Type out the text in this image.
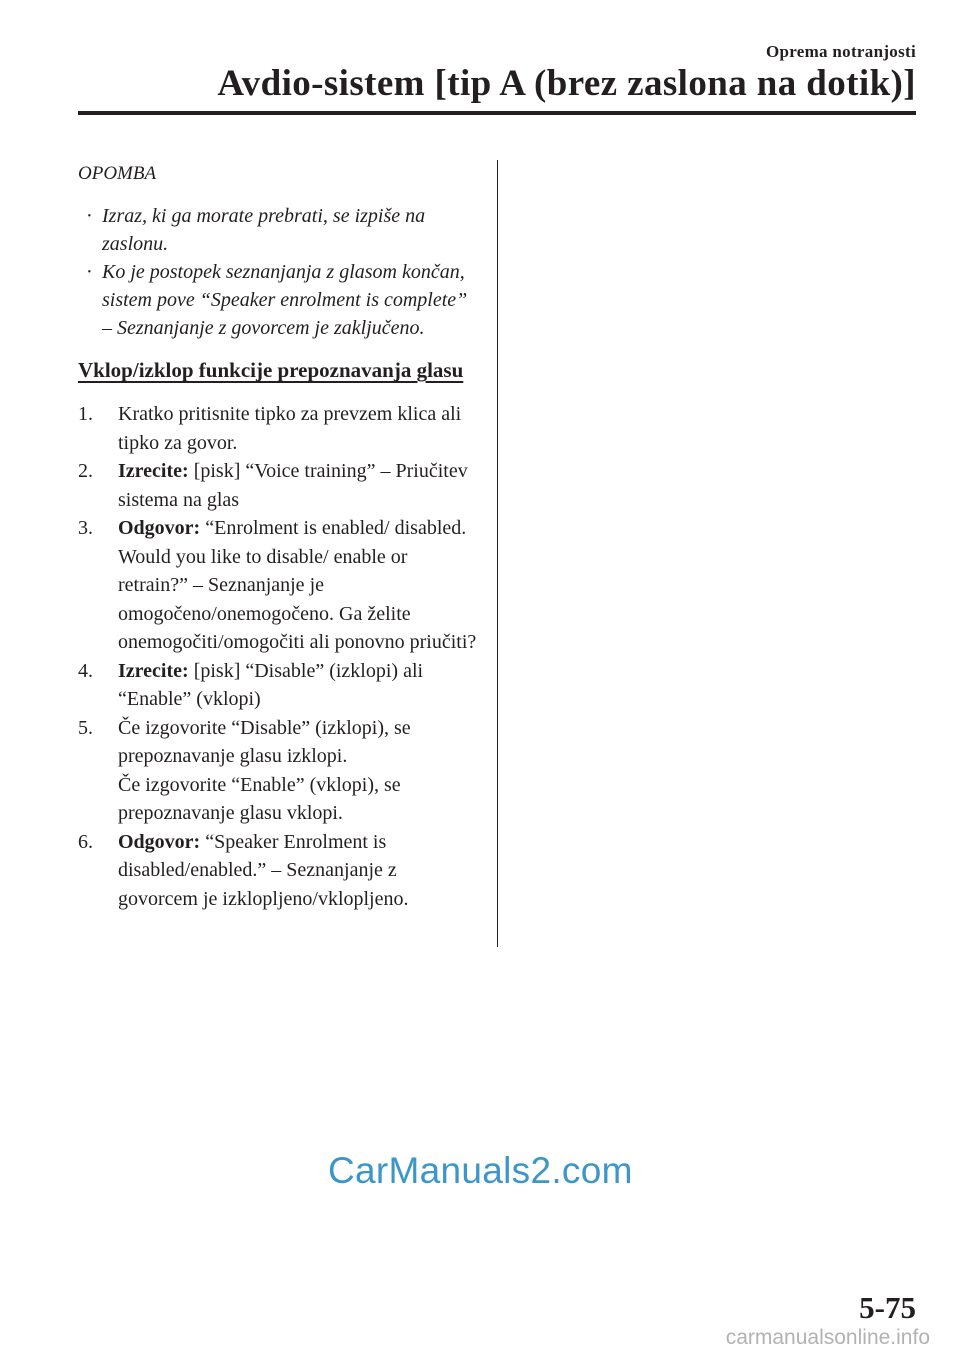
Oprema notranjosti
Avdio-sistem [tip A (brez zaslona na dotik)]
OPOMBA
· Izraz, ki ga morate prebrati, se izpiše na zaslonu.
· Ko je postopek seznanjanja z glasom končan, sistem pove “Speaker enrolment is complete” – Seznanjanje z govorcem je zaključeno.
Vklop/izklop funkcije prepoznavanja glasu
1. Kratko pritisnite tipko za prevzem klica ali tipko za govor.
2. Izrecite: [pisk] “Voice training” – Priučitev sistema na glas
3. Odgovor: “Enrolment is enabled/ disabled. Would you like to disable/ enable or retrain?” – Seznanjanje je omogočeno/onemogočeno. Ga želite onemogočiti/omogočiti ali ponovno priučiti?
4. Izrecite: [pisk] “Disable” (izklopi) ali “Enable” (vklopi)
5. Če izgovorite “Disable” (izklopi), se prepoznavanje glasu izklopi.
Če izgovorite “Enable” (vklopi), se prepoznavanje glasu vklopi.
6. Odgovor: “Speaker Enrolment is disabled/enabled.” – Seznanjanje z govorcem je izklopljeno/vklopljeno.
CarManuals2.com
5-75
carmanualsonline.info
